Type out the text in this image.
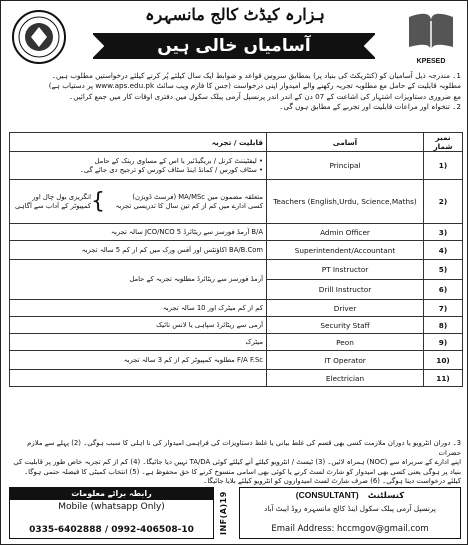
ہزارہ کیڈٹ کالج مانسہرہ
آسامیاں خالی ہیں
KPESED

1۔ مندرجہ ذیل آسامیاں کو (کنٹریکٹ کی بنیاد پر) بمطابق سروس قواعد و ضوابط ایک سال کیلئے پُر کرنے کیلئے درخواستیں مطلوب ہیں۔

مطلوبہ قابلیت کے حامل مع مطلوبہ تجربہ رکھنے والے امیدوار اپنی درخواست (جس کا فارم ویب سائٹ www.aps.edu.pk پر دستیاب ہے)

مع ضروری دستاویزات اشتہار کی اشاعت کے 07 دن کے اندر اندر پرنسپل آرمی پبلک سکول میں دفتری اوقات کار میں جمع کرائیں۔

2۔ تنخواہ اور مراعات قابلیت اور تجربے کے مطابق ہوں گی۔

قابلیت / تجربہ	آسامی	نمبر شمار

• لیفٹیننٹ کرنل / بریگیڈئیر یا اس کے مساوی رینک کے حامل
• سٹاف کورس / کمانڈ اینڈ سٹاف کورس کو ترجیح دی جائے گی۔	Principal	1)

متعلقہ مضمون میں MA/MSc (فرسٹ ڈویژن)
کسی ادارے میں کم از کم تین سال کا تدریسی تجربہ
}
انگریزی بول چال اور کمپیوٹر کے آداب سے آگاہی	Teachers (English,Urdu, Science,Maths)	2)
B/A آرمڈ فورسز سے ریٹائرڈ JCO/NCO 5 سالہ تجربہ	Admin Officer	3)
BA/B.Com اکاؤنٹس اور آفس ورک میں کم از کم 5 سالہ تجربہ	Superintendent/Accountant	4)
آرمڈ فورسز سے ریٹائرڈ مطلوبہ تجربہ کے حامل	PT Instructor	5)
	Drill Instructor	6)
کم از کم میٹرک اور 10 سالہ تجربہ	Driver	7)
آرمی سے ریٹائرڈ سپاہی یا لانس نائیک	Security Staff	8)
میٹرک	Peon	9)
F/A F.Sc مطلوبہ کمپیوٹر کم از کم 3 سالہ تجربہ	IT Operator	10)
	Electrician	11)
3۔ دوران انٹرویو یا دوران ملازمت کسی بھی قسم کی غلط بیانی یا غلط دستاویزات کی فراہمی امیدوار کی نا اہلی کا سبب ہوگی۔ (2) پہلے سے ملازم حضرات
اپنے ادارے کے سربراہ سے (NOC) ہمراہ لائیں۔ (3) ٹیسٹ / انٹرویو کیلئے آنے کیلئے کوئی TA/DA نہیں دیا جائیگا۔ (4) کم از کم تجربہ خاص طور پر قابلیت کی
بنیاد پر ہوگی یعنی کسی بھی امیدوار کو شارٹ لسٹ کرنے یا کوئی بھی اسامی منسوخ کرنے کا حق محفوظ ہے۔ (5) انتخاب کمیٹی کا فیصلہ حتمی ہوگا۔
کیلئے درخواست دینا ہوگی۔ (6) صرف شارٹ لسٹ امیدواروں کو انٹرویو کیلئے بلایا جائیگا۔
رابطہ برائے معلومات
Mobile (whatsapp Only)
0335-6402888 / 0992-406508-10	INF(A)19	کنسلٹنٹ (CONSULTANT)
پرنسپل آرمی پبلک سکول اینڈ کالج مانسہرہ روڈ ایبٹ آباد
Email Address: hccmgov@gmail.com
